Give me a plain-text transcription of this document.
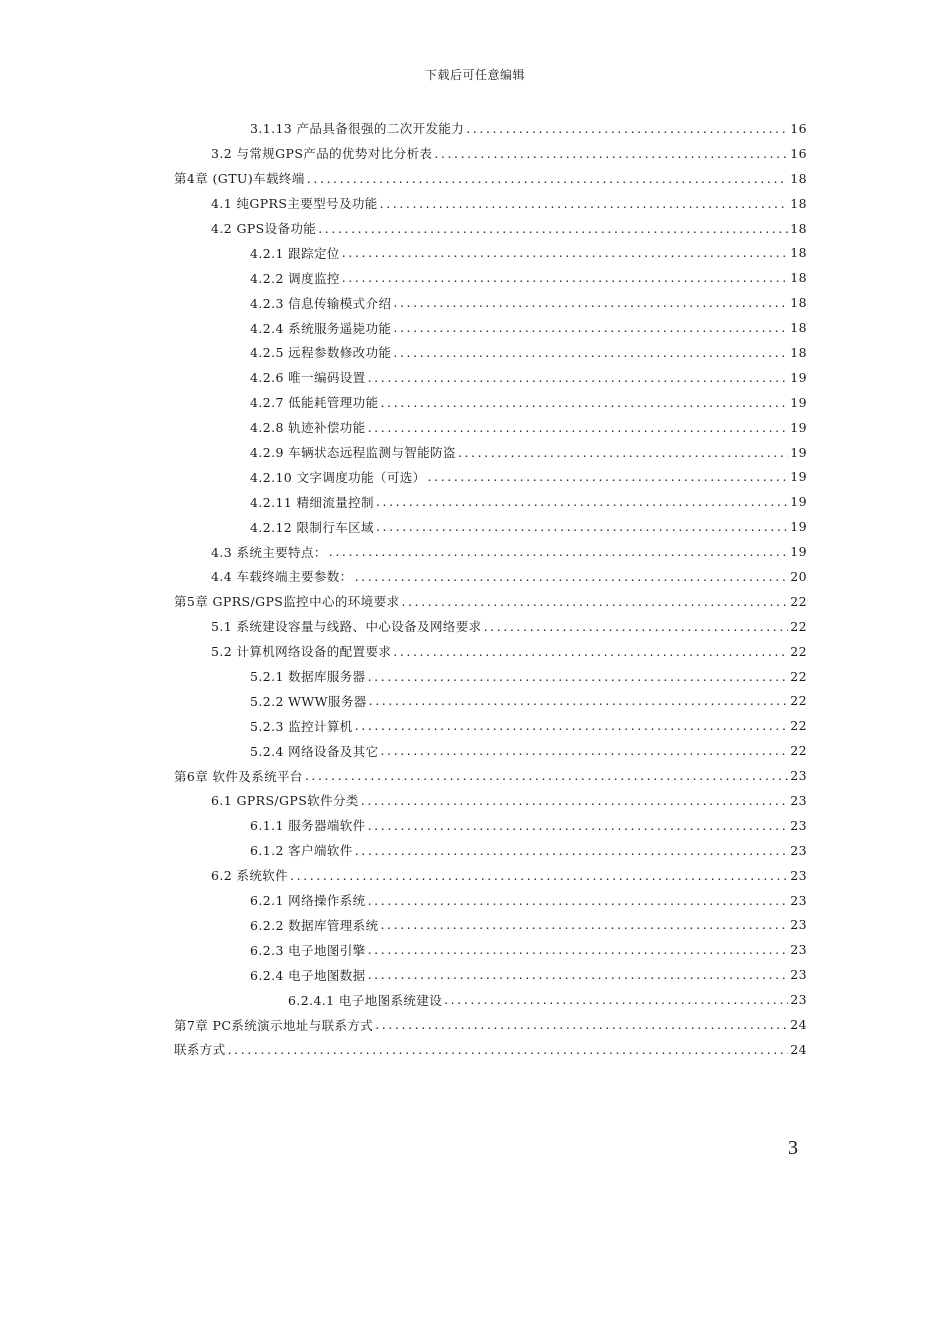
下载后可任意编辑
3.1.13 产品具备很强的二次开发能力 .....	16
3.2 与常规GPS产品的优势对比分析表 .....	16
第4章 (GTU)车载终端 .....	18
4.1 纯GPRS主要型号及功能 .....	18
4.2 GPS设备功能 .....	18
4.2.1 跟踪定位 .....	18
4.2.2 调度监控 .....	18
4.2.3 信息传输模式介绍 .....	18
4.2.4 系统服务遥毙功能 .....	18
4.2.5 远程参数修改功能 .....	18
4.2.6 唯一编码设置 .....	19
4.2.7 低能耗管理功能 .....	19
4.2.8 轨迹补偿功能 .....	19
4.2.9 车辆状态远程监测与智能防盗 .....	19
4.2.10 文字调度功能（可选） .....	19
4.2.11 精细流量控制 .....	19
4.2.12 限制行车区域 .....	19
4.3 系统主要特点： .....	19
4.4 车载终端主要参数： .....	20
第5章 GPRS/GPS监控中心的环境要求 .....	22
5.1 系统建设容量与线路、中心设备及网络要求 .....	22
5.2 计算机网络设备的配置要求 .....	22
5.2.1 数据库服务器 .....	22
5.2.2 WWW服务器 .....	22
5.2.3 监控计算机 .....	22
5.2.4 网络设备及其它 .....	22
第6章 软件及系统平台 .....	23
6.1 GPRS/GPS软件分类 .....	23
6.1.1 服务器端软件 .....	23
6.1.2 客户端软件 .....	23
6.2 系统软件 .....	23
6.2.1 网络操作系统 .....	23
6.2.2 数据库管理系统 .....	23
6.2.3 电子地图引擎 .....	23
6.2.4 电子地图数据 .....	23
6.2.4.1 电子地图系统建设 .....	23
第7章 PC系统演示地址与联系方式 .....	24
联系方式 .....	24
3
